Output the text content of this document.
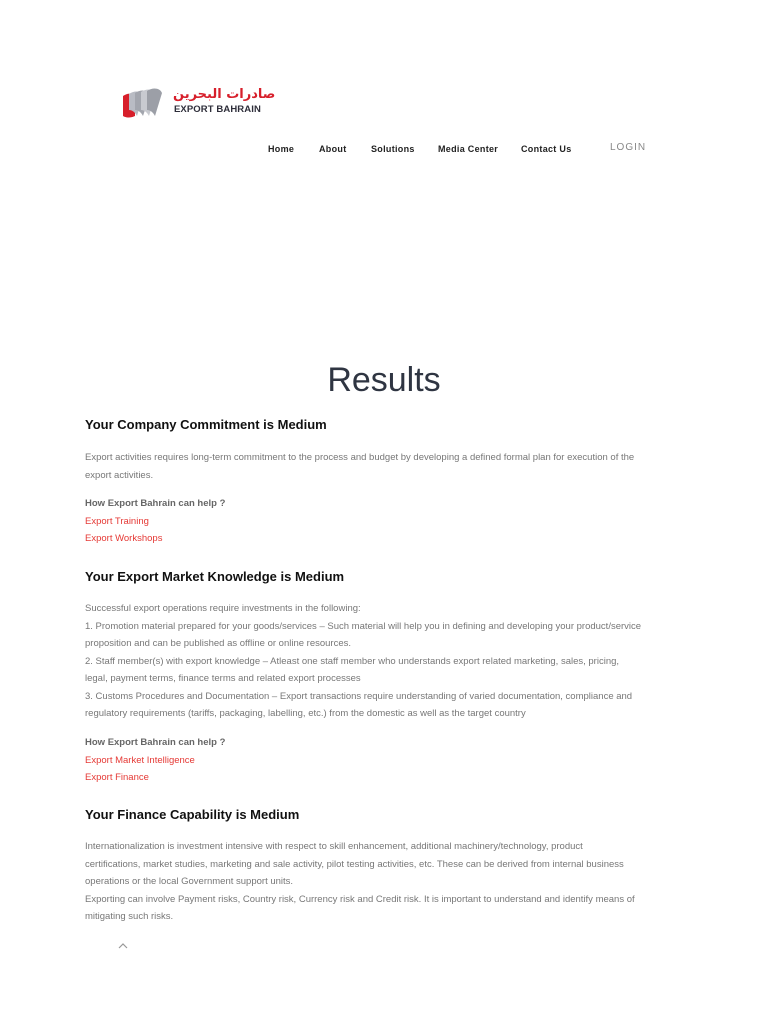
صادرات البحرين
EXPORT BAHRAIN
Home	About	Solutions	Media Center	Contact Us	LOGIN
Results
Your Company Commitment is Medium
Export activities requires long-term commitment to the process and budget by developing a defined formal plan for execution of the
export activities.
How Export Bahrain can help ?
Export Training
Export Workshops
Your Export Market Knowledge is Medium
Successful export operations require investments in the following:
1. Promotion material prepared for your goods/services – Such material will help you in defining and developing your product/service
proposition and can be published as offline or online resources.
2. Staff member(s) with export knowledge – Atleast one staff member who understands export related marketing, sales, pricing,
legal, payment terms, finance terms and related export processes
3. Customs Procedures and Documentation – Export transactions require understanding of varied documentation, compliance and
regulatory requirements (tariffs, packaging, labelling, etc.) from the domestic as well as the target country
How Export Bahrain can help ?
Export Market Intelligence
Export Finance
Your Finance Capability is Medium
Internationalization is investment intensive with respect to skill enhancement, additional machinery/technology, product
certifications, market studies, marketing and sale activity, pilot testing activities, etc. These can be derived from internal business
operations or the local Government support units.
Exporting can involve Payment risks, Country risk, Currency risk and Credit risk. It is important to understand and identify means of
mitigating such risks.
